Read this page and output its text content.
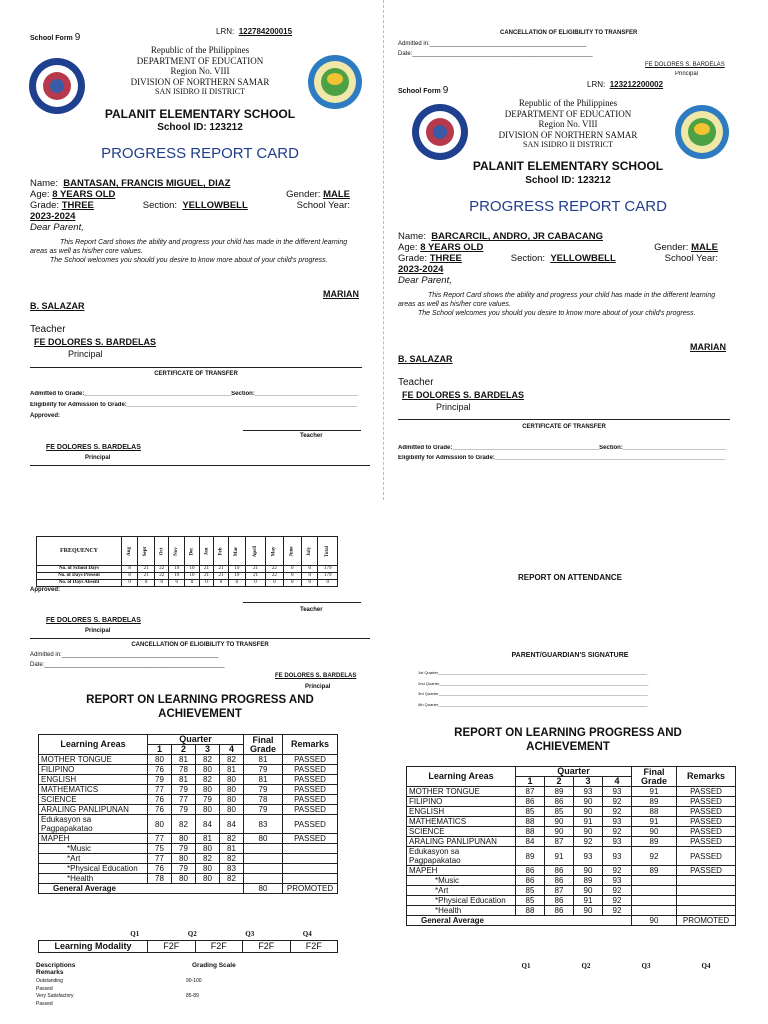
School Form 9
LRN: 122784200015
Republic of the Philippines
DEPARTMENT OF EDUCATION
Region No. VIII
DIVISION OF NORTHERN SAMAR
SAN ISIDRO II DISTRICT
PALANIT ELEMENTARY SCHOOL
School ID: 123212
PROGRESS REPORT CARD
Name: BANTASAN, FRANCIS MIGUEL, DIAZ
Age: 8 YEARS OLD	Gender: MALE
Grade: THREE	Section: YELLOWBELL	School Year:
2023-2024
Dear Parent,
This Report Card shows the ability and progress your child has made in the different learning areas as well as his/her core values.
The School welcomes you should you desire to know more about of your child's progress.
MARIAN
B. SALAZAR
Teacher
FE DOLORES S. BARDELAS
Principal
CERTIFICATE OF TRANSFER
Admitted to Grade:____________________________________________Section:_______________________________
Eligibility for Admission to Grade:_____________________________________________________________________
Approved:
Teacher
FE DOLORES S. BARDELAS
Principal
CANCELLATION OF ELIGIBILITY TO TRANSFER
Admitted in:_______________________________________________
Date:______________________________________________________
FE DOLORES S. BARDELAS
Principal
School Form 9
LRN: 123212200002
Republic of the Philippines
DEPARTMENT OF EDUCATION
Region No. VIII
DIVISION OF NORTHERN SAMAR
SAN ISIDRO II DISTRICT
PALANIT ELEMENTARY SCHOOL
School ID: 123212
PROGRESS REPORT CARD
Name: BARCARCIL, ANDRO, JR CABACANG
Age: 8 YEARS OLD	Gender: MALE
Grade: THREE	Section: YELLOWBELL	School Year:
2023-2024
Dear Parent,
This Report Card shows the ability and progress your child has made in the different learning areas as well as his/her core values.
The School welcomes you should you desire to know more about of your child's progress.
MARIAN
B. SALAZAR
Teacher
FE DOLORES S. BARDELAS
Principal
CERTIFICATE OF TRANSFER
Admitted to Grade:____________________________________________Section:_______________________________
Eligibility for Admission to Grade:_____________________________________________________________________
FREQUENCY	Aug	Sept	Oct	Nov	Dec	Jan	Feb	Mar	April	May	June	July	Total
No. of School Days	8	21	22	19	10	21	21	19	21	22	0	0	179
No. of Days Present	8	21	22	19	10	21	21	19	21	22	0	0	179
No. of Days Absent	0	0	0	0	0	0	0	0	0	0	0	0	0
Approved:
Teacher
FE DOLORES S. BARDELAS
Principal
CANCELLATION OF ELIGIBILITY TO TRANSFER
Admitted in:_______________________________________________
Date:______________________________________________________
FE DOLORES S. BARDELAS
Principal
REPORT ON ATTENDANCE
PARENT/GUARDIAN'S SIGNATURE
1st Quarter______________________________________________________________________________________________
2nd Quarter______________________________________________________________________________________________
3rd Quarter______________________________________________________________________________________________
4th Quarter______________________________________________________________________________________________
REPORT ON LEARNING PROGRESS AND
ACHIEVEMENT
REPORT ON LEARNING PROGRESS AND
ACHIEVEMENT
Learning Areas	Quarter				Final Grade	Remarks
	1	2	3	4		
MOTHER TONGUE	80	81	82	82	81	PASSED
FILIPINO	76	78	80	81	79	PASSED
ENGLISH	79	81	82	80	81	PASSED
MATHEMATICS	77	79	80	80	79	PASSED
SCIENCE	76	77	79	80	78	PASSED
ARALING PANLIPUNAN	76	79	80	80	79	PASSED
Edukasyon sa Pagpapakatao	80	82	84	84	83	PASSED
MAPEH	77	80	81	82	80	PASSED
*Music	75	79	80	81		
*Art	77	80	82	82		
*Physical Education	76	79	80	83		
*Health	78	80	80	82		
General Average					80	PROMOTED
Q1	Q2	Q3	Q4
Learning Modality	F2F	F2F	F2F	F2F
Descriptions
Remarks
Grading Scale
Outstanding	90-100
Passed
Very Satisfactory	85-89
Passed
Learning Areas	Quarter				Final Grade	Remarks
	1	2	3	4		
MOTHER TONGUE	87	89	93	93	91	PASSED
FILIPINO	86	86	90	92	89	PASSED
ENGLISH	85	85	90	92	88	PASSED
MATHEMATICS	88	90	91	93	91	PASSED
SCIENCE	88	90	90	92	90	PASSED
ARALING PANLIPUNAN	84	87	92	93	89	PASSED
Edukasyon sa Pagpapakatao	89	91	93	93	92	PASSED
MAPEH	86	86	90	92	89	PASSED
*Music	86	86	89	93		
*Art	85	87	90	92		
*Physical Education	85	86	91	92		
*Health	88	86	90	92		
General Average					90	PROMOTED
Q1	Q2	Q3	Q4
